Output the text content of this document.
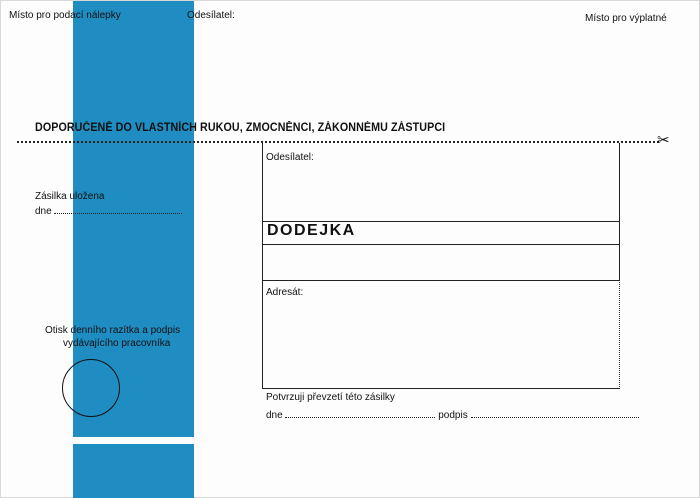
Místo pro podací nálepky	Odesílatel:	Místo pro výplatné
DOPORUČENĚ DO VLASTNÍCH RUKOU, ZMOCNĚNCI, ZÁKONNÉMU ZÁSTUPCI
✂
Zásilka uložena
dne
Otisk denního razítka a podpis
vydávajícího pracovníka
Odesílatel:
DODEJKA
Adresát:
Potvrzuji převzetí této zásilky
dne	podpis
